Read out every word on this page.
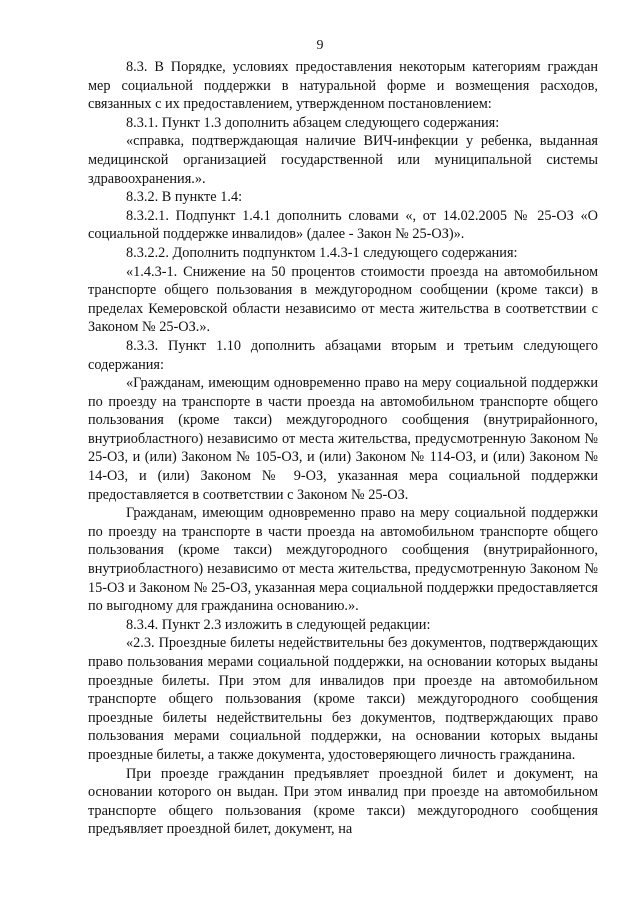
9

8.3. В Порядке, условиях предоставления некоторым категориям граждан мер социальной поддержки в натуральной форме и возмещения расходов, связанных с их предоставлением, утвержденном постановлением:

8.3.1. Пункт 1.3 дополнить абзацем следующего содержания:

«справка, подтверждающая наличие ВИЧ-инфекции у ребенка, выданная медицинской организацией государственной или муниципальной системы здравоохранения.».

8.3.2. В пункте 1.4:

8.3.2.1. Подпункт 1.4.1 дополнить словами «, от 14.02.2005 № 25-ОЗ «О социальной поддержке инвалидов» (далее - Закон № 25-ОЗ)».

8.3.2.2. Дополнить подпунктом 1.4.3-1 следующего содержания:

«1.4.3-1. Снижение на 50 процентов стоимости проезда на автомобильном транспорте общего пользования в междугородном сообщении (кроме такси) в пределах Кемеровской области независимо от места жительства в соответствии с Законом № 25-ОЗ.».

8.3.3. Пункт 1.10 дополнить абзацами вторым и третьим следующего содержания:

«Гражданам, имеющим одновременно право на меру социальной поддержки по проезду на транспорте в части проезда на автомобильном транспорте общего пользования (кроме такси) междугородного сообщения (внутрирайонного, внутриобластного) независимо от места жительства, предусмотренную Законом № 25-ОЗ, и (или) Законом № 105-ОЗ, и (или) Законом № 114-ОЗ, и (или) Законом № 14-ОЗ, и (или) Законом № 9-ОЗ, указанная мера социальной поддержки предоставляется в соответствии с Законом № 25-ОЗ.

Гражданам, имеющим одновременно право на меру социальной поддержки по проезду на транспорте в части проезда на автомобильном транспорте общего пользования (кроме такси) междугородного сообщения (внутрирайонного, внутриобластного) независимо от места жительства, предусмотренную Законом № 15-ОЗ и Законом № 25-ОЗ, указанная мера социальной поддержки предоставляется по выгодному для гражданина основанию.».

8.3.4. Пункт 2.3 изложить в следующей редакции:

«2.3. Проездные билеты недействительны без документов, подтверждающих право пользования мерами социальной поддержки, на основании которых выданы проездные билеты. При этом для инвалидов при проезде на автомобильном транспорте общего пользования (кроме такси) междугородного сообщения проездные билеты недействительны без документов, подтверждающих право пользования мерами социальной поддержки, на основании которых выданы проездные билеты, а также документа, удостоверяющего личность гражданина.

При проезде гражданин предъявляет проездной билет и документ, на основании которого он выдан. При этом инвалид при проезде на автомобильном транспорте общего пользования (кроме такси) междугородного сообщения предъявляет проездной билет, документ, на
